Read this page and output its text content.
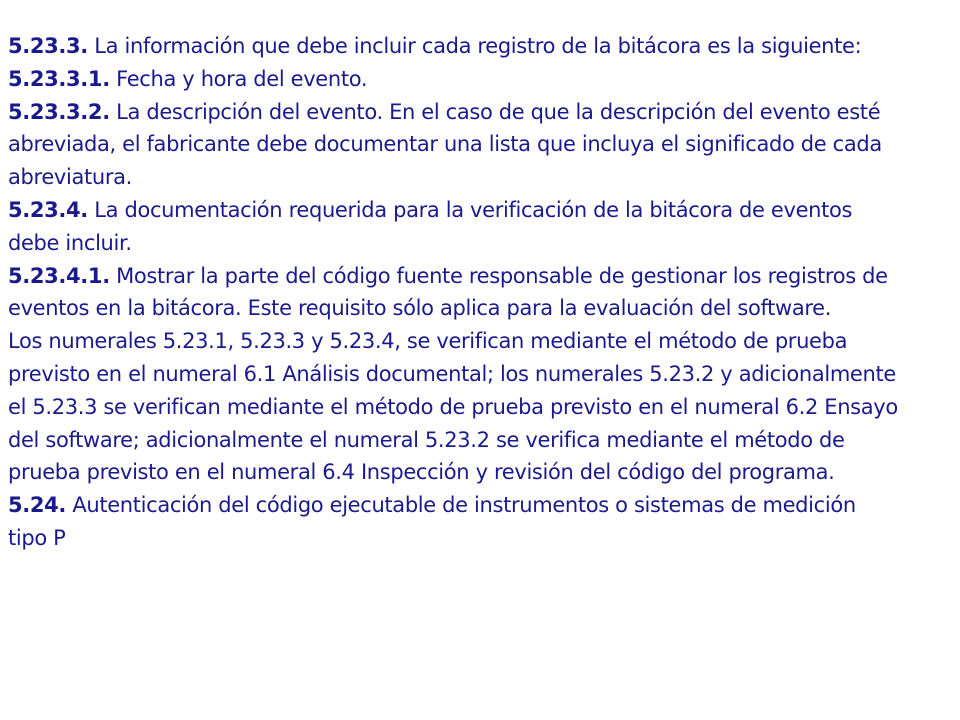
5.23.3. La información que debe incluir cada registro de la bitácora es la siguiente:

5.23.3.1. Fecha y hora del evento.

5.23.3.2. La descripción del evento. En el caso de que la descripción del evento esté abreviada, el fabricante debe documentar una lista que incluya el significado de cada abreviatura.

5.23.4. La documentación requerida para la verificación de la bitácora de eventos debe incluir.

5.23.4.1. Mostrar la parte del código fuente responsable de gestionar los registros de eventos en la bitácora. Este requisito sólo aplica para la evaluación del software.

Los numerales 5.23.1, 5.23.3 y 5.23.4, se verifican mediante el método de prueba previsto en el numeral 6.1 Análisis documental; los numerales 5.23.2 y adicionalmente el 5.23.3 se verifican mediante el método de prueba previsto en el numeral 6.2 Ensayo del software; adicionalmente el numeral 5.23.2 se verifica mediante el método de prueba previsto en el numeral 6.4 Inspección y revisión del código del programa.

5.24. Autenticación del código ejecutable de instrumentos o sistemas de medición tipo P
